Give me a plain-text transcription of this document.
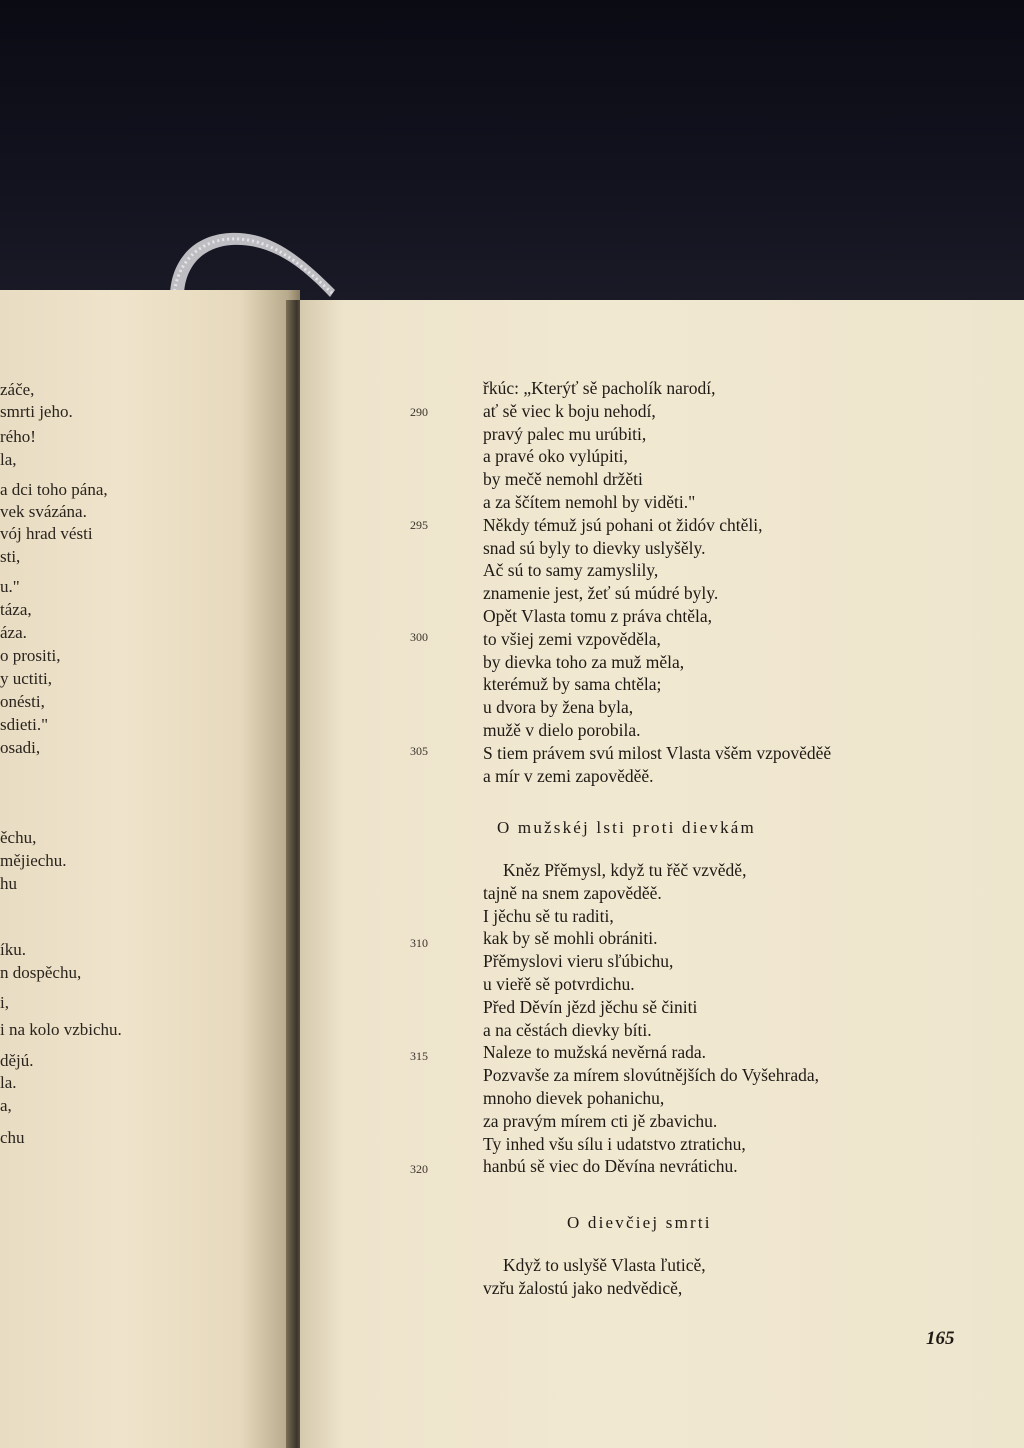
záče,
smrti jeho.
rého!
la,
a dci toho pána,
vek svázána.
vój hrad vésti
sti,
u."
táza,
áza.
o prositi,
y uctiti,
onésti,
sdieti."
osadi,
ěchu,
mějiechu.
hu
íku.
n dospěchu,
i,
i na kolo vzbichu.
dějú.
la.
a,
chu
řkúc: „Kterýť sě pacholík narodí,
ať sě viec k boju nehodí,
pravý palec mu urúbiti,
a pravé oko vylúpiti,
by mečě nemohl držěti
a za ščítem nemohl by viděti."
Někdy témuž jsú pohani ot židóv chtěli,
snad sú byly to dievky uslyšěly.
Ač sú to samy zamyslily,
znamenie jest, žeť sú múdré byly.
Opět Vlasta tomu z práva chtěla,
to všiej zemi vzpověděla,
by dievka toho za muž měla,
kterémuž by sama chtěla;
u dvora by žena byla,
mužě v dielo porobila.
S tiem právem svú milost Vlasta všěm vzpověděě
a mír v zemi zapověděě.
290
295
300
305
310
315
320
O mužskéj lsti proti dievkám
Kněz Přěmysl, když tu řěč vzvědě,
tajně na snem zapověděě.
I jěchu sě tu raditi,
kak by sě mohli obrániti.
Přěmyslovi vieru sľúbichu,
u vieřě sě potvrdichu.
Před Děvín jězd jěchu sě činiti
a na cěstách dievky bíti.
Naleze to mužská nevěrná rada.
Pozvavše za mírem slovútnějších do Vyšehrada,
mnoho dievek pohanichu,
za pravým mírem cti jě zbavichu.
Ty inhed všu sílu i udatstvo ztratichu,
hanbú sě viec do Děvína nevrátichu.
O dievčiej smrti
Když to uslyšě Vlasta ľuticě,
vzřu žalostú jako nedvědicě,
165
